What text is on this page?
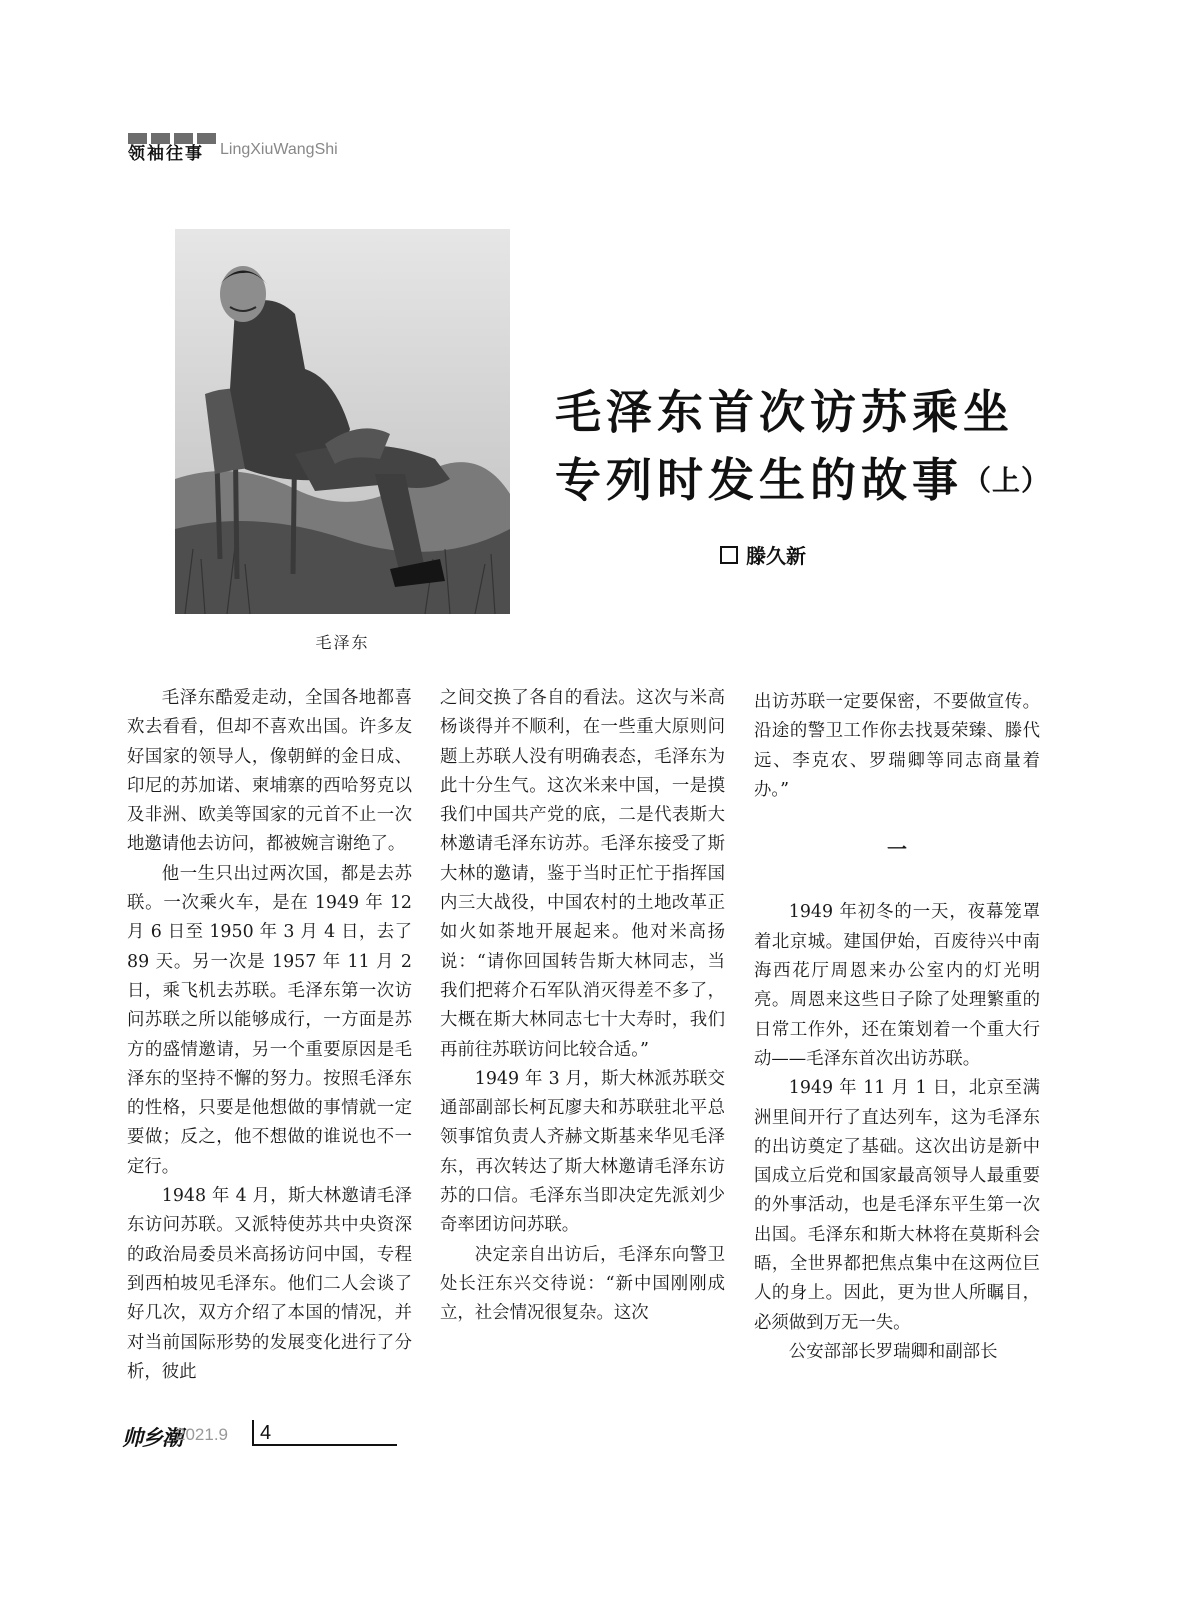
领袖往事 LingXiuWangShi
毛泽东
毛泽东首次访苏乘坐
专列时发生的故事（上）
滕久新

毛泽东酷爱走动，全国各地都喜欢去看看，但却不喜欢出国。许多友好国家的领导人，像朝鲜的金日成、印尼的苏加诺、柬埔寨的西哈努克以及非洲、欧美等国家的元首不止一次地邀请他去访问，都被婉言谢绝了。

他一生只出过两次国，都是去苏联。一次乘火车，是在 1949 年 12 月 6 日至 1950 年 3 月 4 日，去了 89 天。另一次是 1957 年 11 月 2 日，乘飞机去苏联。毛泽东第一次访问苏联之所以能够成行，一方面是苏方的盛情邀请，另一个重要原因是毛泽东的坚持不懈的努力。按照毛泽东的性格，只要是他想做的事情就一定要做；反之，他不想做的谁说也不一定行。

1948 年 4 月，斯大林邀请毛泽东访问苏联。又派特使苏共中央资深的政治局委员米高扬访问中国，专程到西柏坡见毛泽东。他们二人会谈了好几次，双方介绍了本国的情况，并对当前国际形势的发展变化进行了分析，彼此

之间交换了各自的看法。这次与米高杨谈得并不顺利，在一些重大原则问题上苏联人没有明确表态，毛泽东为此十分生气。这次米来中国，一是摸我们中国共产党的底，二是代表斯大林邀请毛泽东访苏。毛泽东接受了斯大林的邀请，鉴于当时正忙于指挥国内三大战役，中国农村的土地改革正如火如荼地开展起来。他对米高扬说：“请你回国转告斯大林同志，当我们把蒋介石军队消灭得差不多了，大概在斯大林同志七十大寿时，我们再前往苏联访问比较合适。”

1949 年 3 月，斯大林派苏联交通部副部长柯瓦廖夫和苏联驻北平总领事馆负责人齐赫文斯基来华见毛泽东，再次转达了斯大林邀请毛泽东访苏的口信。毛泽东当即决定先派刘少奇率团访问苏联。

决定亲自出访后，毛泽东向警卫处长汪东兴交待说：“新中国刚刚成立，社会情况很复杂。这次

出访苏联一定要保密，不要做宣传。沿途的警卫工作你去找聂荣臻、滕代远、李克农、罗瑞卿等同志商量着办。”

一

1949 年初冬的一天，夜幕笼罩着北京城。建国伊始，百废待兴中南海西花厅周恩来办公室内的灯光明亮。周恩来这些日子除了处理繁重的日常工作外，还在策划着一个重大行动——毛泽东首次出访苏联。

1949 年 11 月 1 日，北京至满洲里间开行了直达列车，这为毛泽东的出访奠定了基础。这次出访是新中国成立后党和国家最高领导人最重要的外事活动，也是毛泽东平生第一次出国。毛泽东和斯大林将在莫斯科会晤，全世界都把焦点集中在这两位巨人的身上。因此，更为世人所瞩目，必须做到万无一失。

公安部部长罗瑞卿和副部长

帅乡潮
2021.9	4
